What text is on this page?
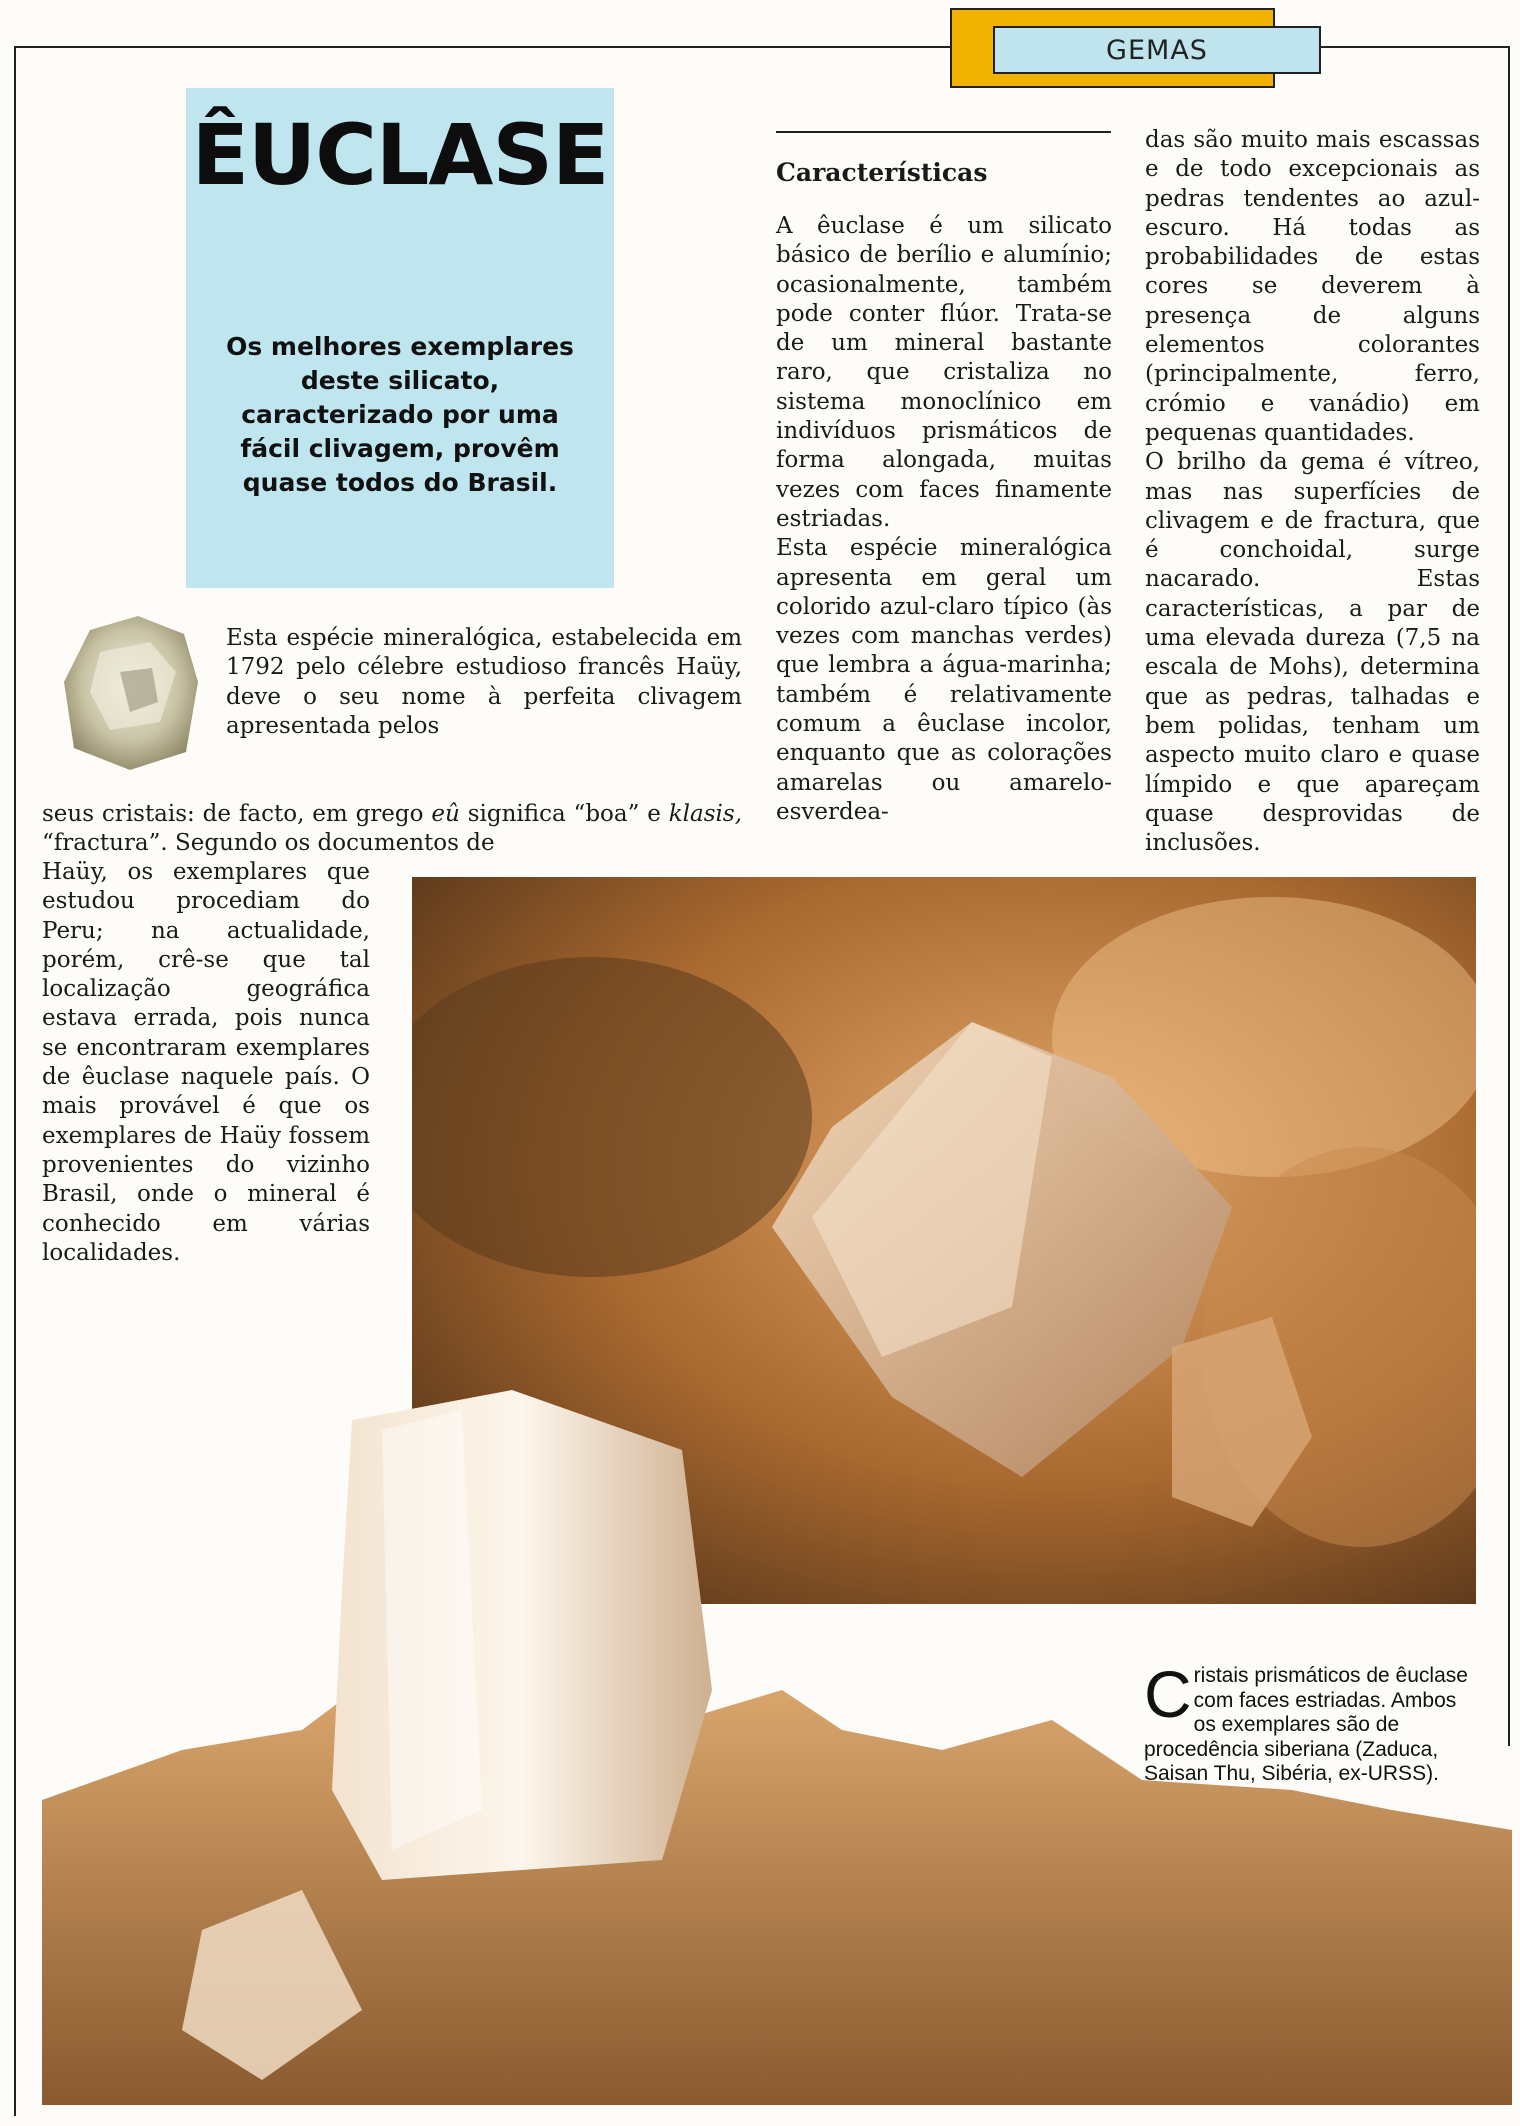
GEMAS
ÊUCLASE
Os melhores exemplares deste silicato, caracterizado por uma fácil clivagem, provêm quase todos do Brasil.
Características

A êuclase é um silicato básico de berílio e alumínio; ocasionalmente, também pode conter flúor. Trata-se de um mineral bastante raro, que cristaliza no sistema monoclínico em indivíduos prismáticos de forma alongada, muitas vezes com faces finamente estriadas.

Esta espécie mineralógica apresenta em geral um colorido azul-claro típico (às vezes com manchas verdes) que lembra a água-marinha; também é relativamente comum a êuclase incolor, enquanto que as colorações amarelas ou amarelo-esverdea-

das são muito mais escassas e de todo excepcionais as pedras tendentes ao azul-escuro. Há todas as probabilidades de estas cores se deverem à presença de alguns elementos colorantes (principalmente, ferro, crómio e vanádio) em pequenas quantidades.

O brilho da gema é vítreo, mas nas superfícies de clivagem e de fractura, que é conchoidal, surge nacarado. Estas características, a par de uma elevada dureza (7,5 na escala de Mohs), determina que as pedras, talhadas e bem polidas, tenham um aspecto muito claro e quase límpido e que apareçam quase desprovidas de inclusões.

Esta espécie mineralógica, estabelecida em 1792 pelo célebre estudioso francês Haüy, deve o seu nome à perfeita clivagem apresentada pelos
seus cristais: de facto, em grego eû significa “boa” e klasis, “fractura”. Segundo os documentos de
Haüy, os exemplares que estudou procediam do Peru; na actualidade, porém, crê-se que tal localização geográfica estava errada, pois nunca se encontraram exemplares de êuclase naquele país. O mais provável é que os exemplares de Haüy fossem provenientes do vizinho Brasil, onde o mineral é conhecido em várias localidades.
Cristais prismáticos de êuclase com faces estriadas. Ambos os exemplares são de procedência siberiana (Zaduca, Saisan Thu, Sibéria, ex-URSS).
